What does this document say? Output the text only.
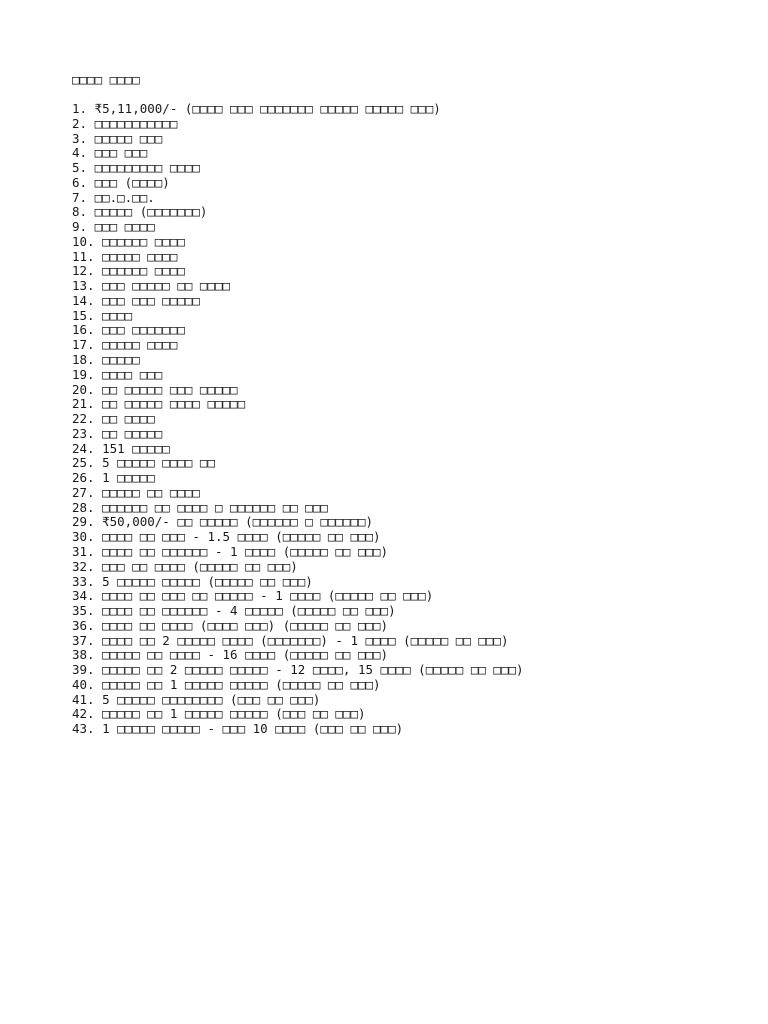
□□□□ □□□□
1. ₹5,11,000/- (□□□□ □□□ □□□□□□□ □□□□□ □□□□□ □□□)
2. □□□□□□□□□□□
3. □□□□□ □□□
4. □□□ □□□
5. □□□□□□□□□ □□□□
6. □□□ (□□□□)
7. □□.□.□□.
8. □□□□□ (□□□□□□□)
9. □□□ □□□□
10. □□□□□□ □□□□
11. □□□□□ □□□□
12. □□□□□□ □□□□
13. □□□ □□□□□ □□ □□□□
14. □□□ □□□ □□□□□
15. □□□□
16. □□□ □□□□□□□
17. □□□□□ □□□□
18. □□□□□
19. □□□□ □□□
20. □□ □□□□□ □□□ □□□□□
21. □□ □□□□□ □□□□ □□□□□
22. □□ □□□□
23. □□ □□□□□
24. 151 □□□□□
25. 5 □□□□□ □□□□ □□
26. 1 □□□□□
27. □□□□□ □□ □□□□
28. □□□□□□ □□ □□□□ □ □□□□□□ □□ □□□
29. ₹50,000/- □□ □□□□□ (□□□□□□ □ □□□□□□)
30. □□□□ □□ □□□ - 1.5 □□□□ (□□□□□ □□ □□□)
31. □□□□ □□ □□□□□□ - 1 □□□□ (□□□□□ □□ □□□)
32. □□□ □□ □□□□ (□□□□□ □□ □□□)
33. 5 □□□□□ □□□□□ (□□□□□ □□ □□□)
34. □□□□ □□ □□□ □□ □□□□□ - 1 □□□□ (□□□□□ □□ □□□)
35. □□□□ □□ □□□□□□ - 4 □□□□□ (□□□□□ □□ □□□)
36. □□□□ □□ □□□□ (□□□□ □□□) (□□□□□ □□ □□□)
37. □□□□ □□ 2 □□□□□ □□□□ (□□□□□□□) - 1 □□□□ (□□□□□ □□ □□□)
38. □□□□□ □□ □□□□ - 16 □□□□ (□□□□□ □□ □□□)
39. □□□□□ □□ 2 □□□□□ □□□□□ - 12 □□□□, 15 □□□□ (□□□□□ □□ □□□)
40. □□□□□ □□ 1 □□□□□ □□□□□ (□□□□□ □□ □□□)
41. 5 □□□□□ □□□□□□□□ (□□□ □□ □□□)
42. □□□□□ □□ 1 □□□□□ □□□□□ (□□□ □□ □□□)
43. 1 □□□□□ □□□□□ - □□□ 10 □□□□ (□□□ □□ □□□)
